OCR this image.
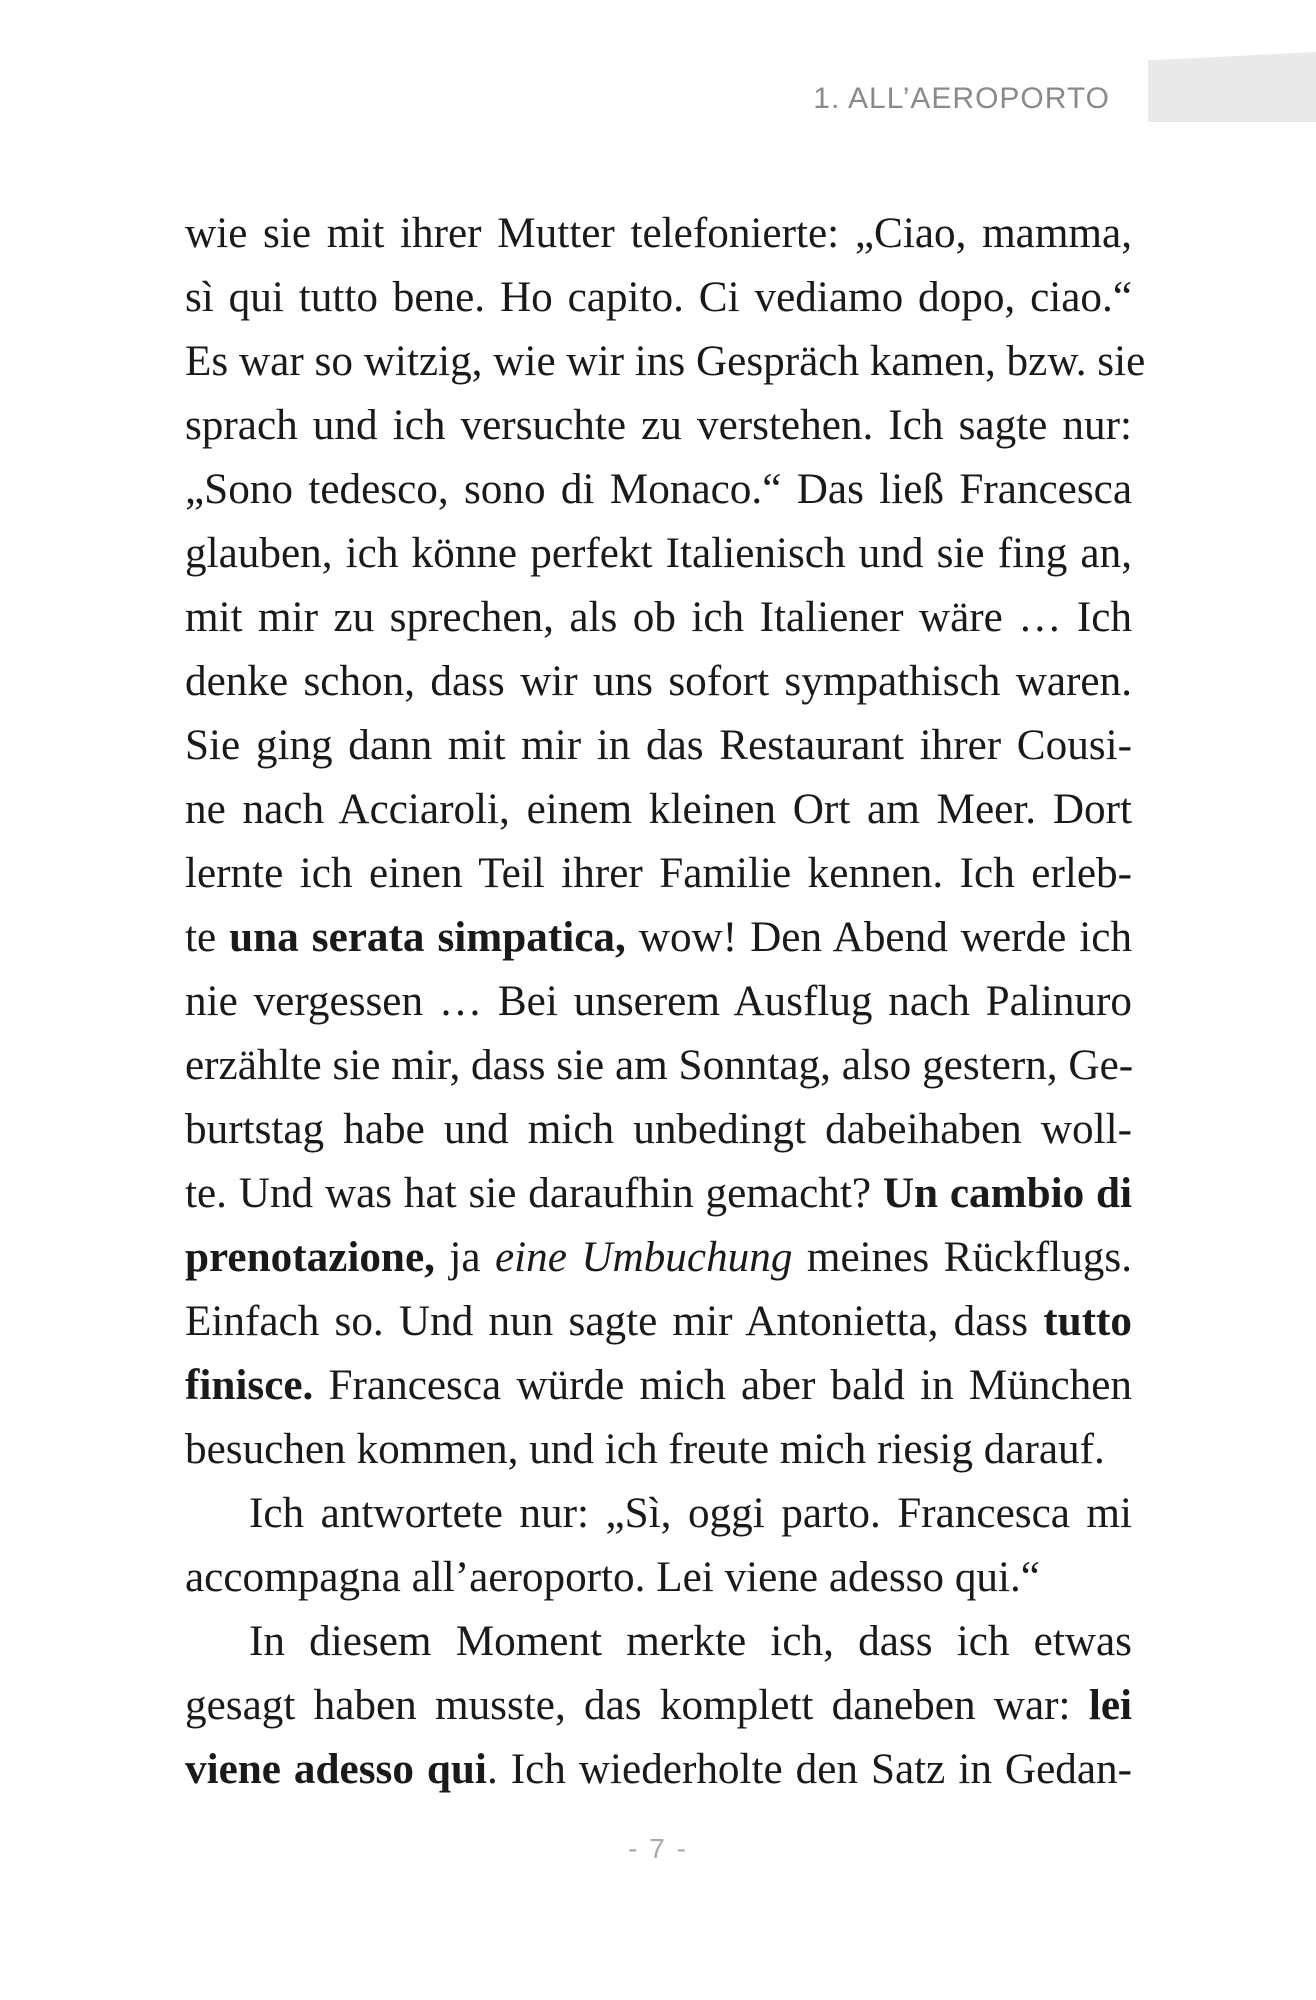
1. ALL’AEROPORTO
wie sie mit ihrer Mutter telefonierte: „Ciao, mamma,
sì qui tutto bene. Ho capito. Ci vediamo dopo, ciao.“
Es war so witzig, wie wir ins Gespräch kamen, bzw. sie
sprach und ich versuchte zu verstehen. Ich sagte nur:
„Sono tedesco, sono di Monaco.“ Das ließ Francesca
glauben, ich könne perfekt Italienisch und sie fing an,
mit mir zu sprechen, als ob ich Italiener wäre … Ich
denke schon, dass wir uns sofort sympathisch waren.
Sie ging dann mit mir in das Restaurant ihrer Cousi-
ne nach Acciaroli, einem kleinen Ort am Meer. Dort
lernte ich einen Teil ihrer Familie kennen. Ich erleb-
te una serata simpatica, wow! Den Abend werde ich
nie vergessen … Bei unserem Ausflug nach Palinuro
erzählte sie mir, dass sie am Sonntag, also gestern, Ge-
burtstag habe und mich unbedingt dabeihaben woll-
te. Und was hat sie daraufhin gemacht? Un cambio di
prenotazione, ja eine Umbuchung meines Rückflugs.
Einfach so. Und nun sagte mir Antonietta, dass tutto
finisce. Francesca würde mich aber bald in München
besuchen kommen, und ich freute mich riesig darauf.
Ich antwortete nur: „Sì, oggi parto. Francesca mi
accompagna all’aeroporto. Lei viene adesso qui.“
In diesem Moment merkte ich, dass ich etwas
gesagt haben musste, das komplett daneben war: lei
viene adesso qui. Ich wiederholte den Satz in Gedan-
- 7 -
